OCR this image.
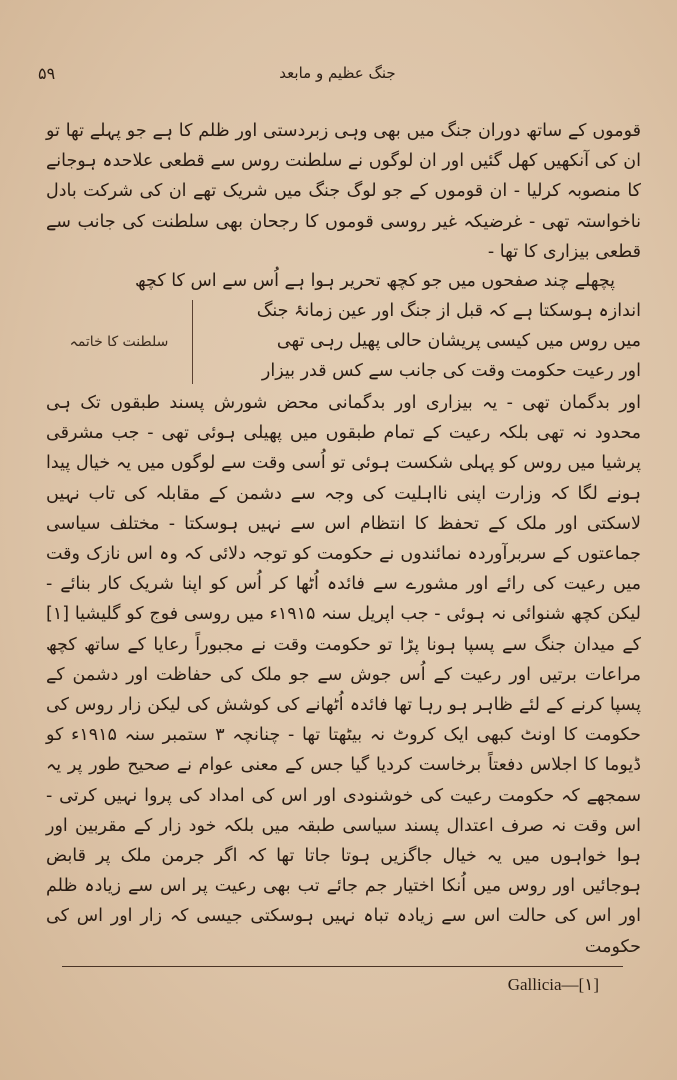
۵۹	جنگ عظیم و مابعد
قوموں کے ساتھ دوران جنگ میں بھی وہی زبردستی اور ظلم کا ہے جو پہلے تھا تو ان کی آنکھیں کھل گئیں اور ان لوگوں نے سلطنت روس سے قطعی علاحدہ ہوجانے کا منصوبہ کرلیا - ان قوموں کے جو لوگ جنگ میں شریک تھے ان کی شرکت بادل ناخواستہ تھی - غرضیکہ غیر روسی قوموں کا رجحان بھی سلطنت کی جانب سے قطعی بیزاری کا تھا -
پچھلے چند صفحوں میں جو کچھ تحریر ہوا ہے اُس سے اس کا کچھ
اندازہ ہوسکتا ہے کہ قبل از جنگ اور عین زمانۂ جنگ
میں روس میں کیسی پریشان حالی پھیل رہی تھی
اور رعیت حکومت وقت کی جانب سے کس قدر بیزار
سلطنت کا خاتمہ
اور بدگمان تھی - یہ بیزاری اور بدگمانی محض شورش پسند طبقوں تک ہی محدود نہ تھی بلکہ رعیت کے تمام طبقوں میں پھیلی ہوئی تھی - جب مشرقی پرشیا میں روس کو پہلی شکست ہوئی تو اُسی وقت سے لوگوں میں یہ خیال پیدا ہونے لگا کہ وزارت اپنی نااہلیت کی وجہ سے دشمن کے مقابلہ کی تاب نہیں لاسکتی اور ملک کے تحفظ کا انتظام اس سے نہیں ہوسکتا - مختلف سیاسی جماعتوں کے سربرآوردہ نمائندوں نے حکومت کو توجہ دلائی کہ وہ اس نازک وقت میں رعیت کی رائے اور مشورے سے فائدہ اُٹھا کر اُس کو اپنا شریک کار بنائے - لیکن کچھ شنوائی نہ ہوئی - جب اپریل سنہ ۱۹۱۵ء میں روسی فوج کو گلیشیا [۱] کے میدان جنگ سے پسپا ہونا پڑا تو حکومت وقت نے مجبوراً رعایا کے ساتھ کچھ مراعات برتیں اور رعیت کے اُس جوش سے جو ملک کی حفاظت اور دشمن کے پسپا کرنے کے لئے ظاہر ہو رہا تھا فائدہ اُٹھانے کی کوشش کی لیکن زار روس کی حکومت کا اونٹ کبھی ایک کروٹ نہ بیٹھتا تھا - چنانچہ ۳ ستمبر سنہ ۱۹۱۵ء کو ڈیوما کا اجلاس دفعتاً برخاست کردیا گیا جس کے معنی عوام نے صحیح طور پر یہ سمجھے کہ حکومت رعیت کی خوشنودی اور اس کی امداد کی پروا نہیں کرتی - اس وقت نہ صرف اعتدال پسند سیاسی طبقہ میں بلکہ خود زار کے مقربین اور ہوا خواہوں میں یہ خیال جاگزیں ہوتا جاتا تھا کہ اگر جرمن ملک پر قابض ہوجائیں اور روس میں اُنکا اختیار جم جائے تب بھی رعیت پر اس سے زیادہ ظلم اور اس کی حالت اس سے زیادہ تباہ نہیں ہوسکتی جیسی کہ زار اور اس کی حکومت
Gallicia—[۱]
